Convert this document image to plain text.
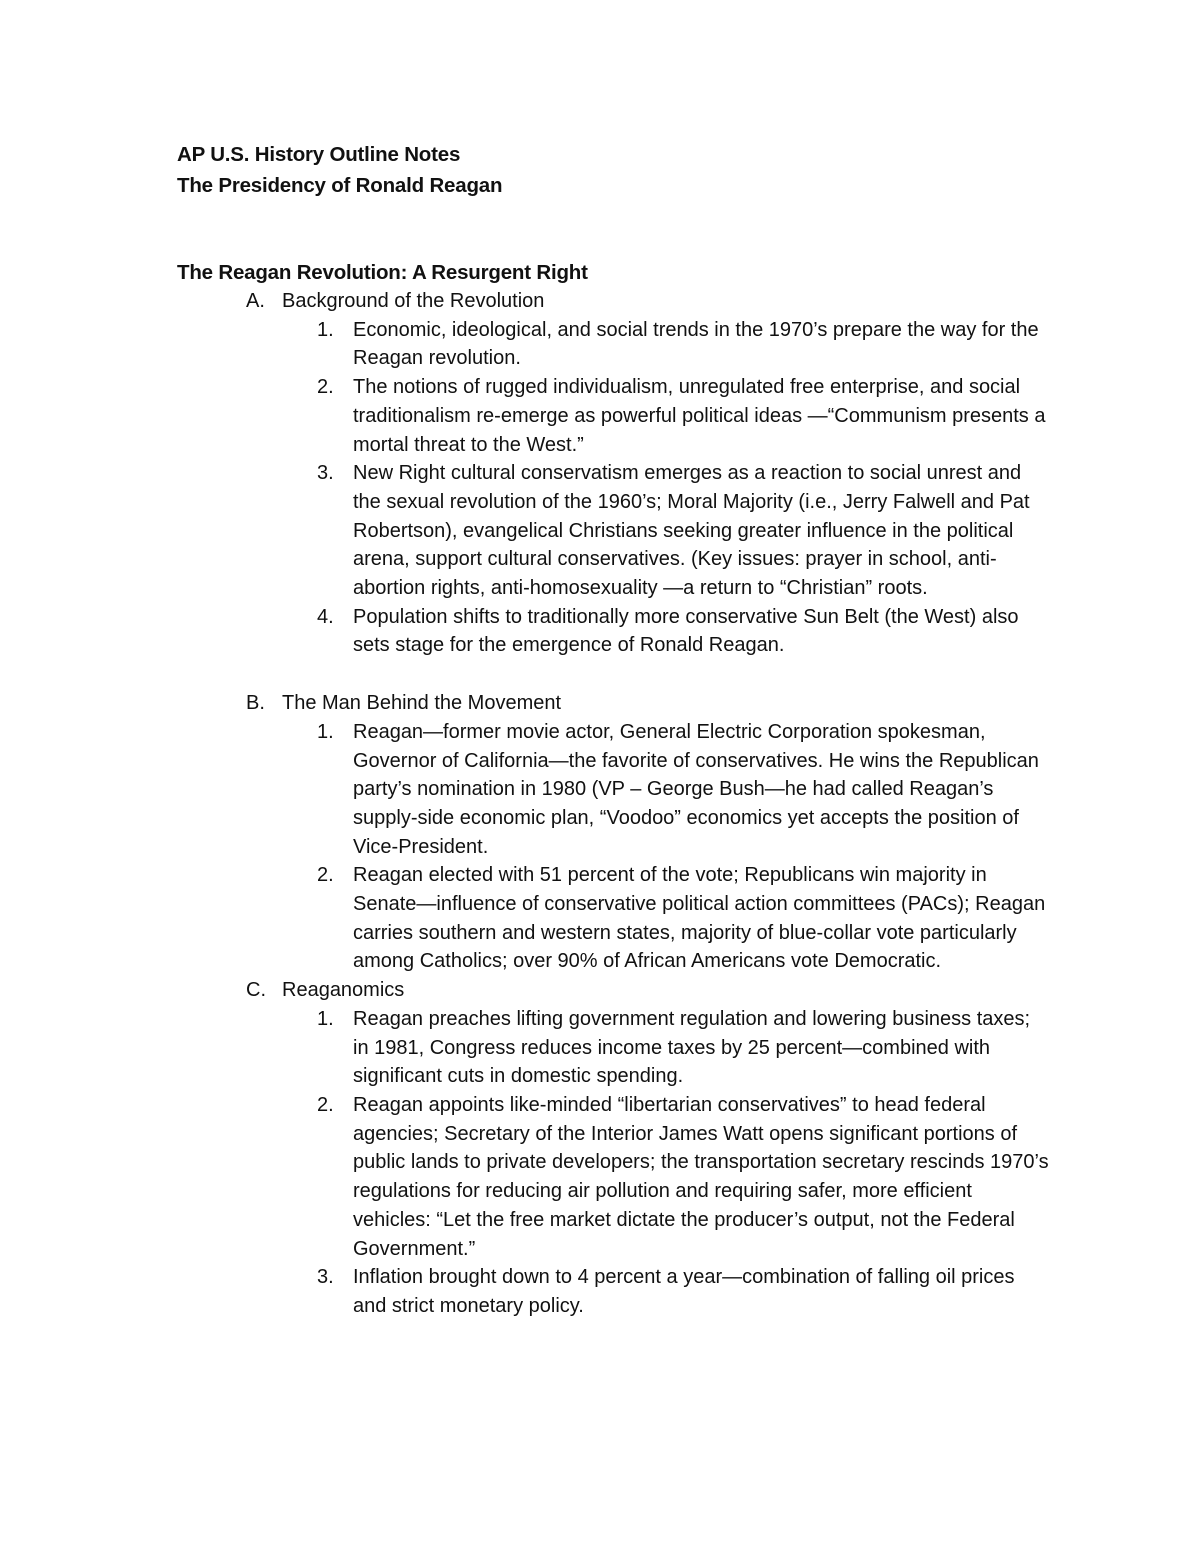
AP U.S. History Outline Notes
The Presidency of Ronald Reagan
The Reagan Revolution: A Resurgent Right
A. Background of the Revolution
1. Economic, ideological, and social trends in the 1970’s prepare the way for the Reagan revolution.
2. The notions of rugged individualism, unregulated free enterprise, and social traditionalism re-emerge as powerful political ideas —“Communism presents a mortal threat to the West.”
3. New Right cultural conservatism emerges as a reaction to social unrest and the sexual revolution of the 1960’s; Moral Majority (i.e., Jerry Falwell and Pat Robertson), evangelical Christians seeking greater influence in the political arena, support cultural conservatives. (Key issues: prayer in school, anti-abortion rights, anti-homosexuality —a return to “Christian” roots.
4. Population shifts to traditionally more conservative Sun Belt (the West) also sets stage for the emergence of Ronald Reagan.
B. The Man Behind the Movement
1. Reagan—former movie actor, General Electric Corporation spokesman, Governor of California—the favorite of conservatives. He wins the Republican party’s nomination in 1980 (VP – George Bush—he had called Reagan’s supply-side economic plan, “Voodoo” economics yet accepts the position of Vice-President.
2. Reagan elected with 51 percent of the vote; Republicans win majority in Senate—influence of conservative political action committees (PACs); Reagan carries southern and western states, majority of blue-collar vote particularly among Catholics; over 90% of African Americans vote Democratic.
C. Reaganomics
1. Reagan preaches lifting government regulation and lowering business taxes; in 1981, Congress reduces income taxes by 25 percent—combined with significant cuts in domestic spending.
2. Reagan appoints like-minded “libertarian conservatives” to head federal agencies; Secretary of the Interior James Watt opens significant portions of public lands to private developers; the transportation secretary rescinds 1970’s regulations for reducing air pollution and requiring safer, more efficient vehicles: “Let the free market dictate the producer’s output, not the Federal Government.”
3. Inflation brought down to 4 percent a year—combination of falling oil prices and strict monetary policy.
